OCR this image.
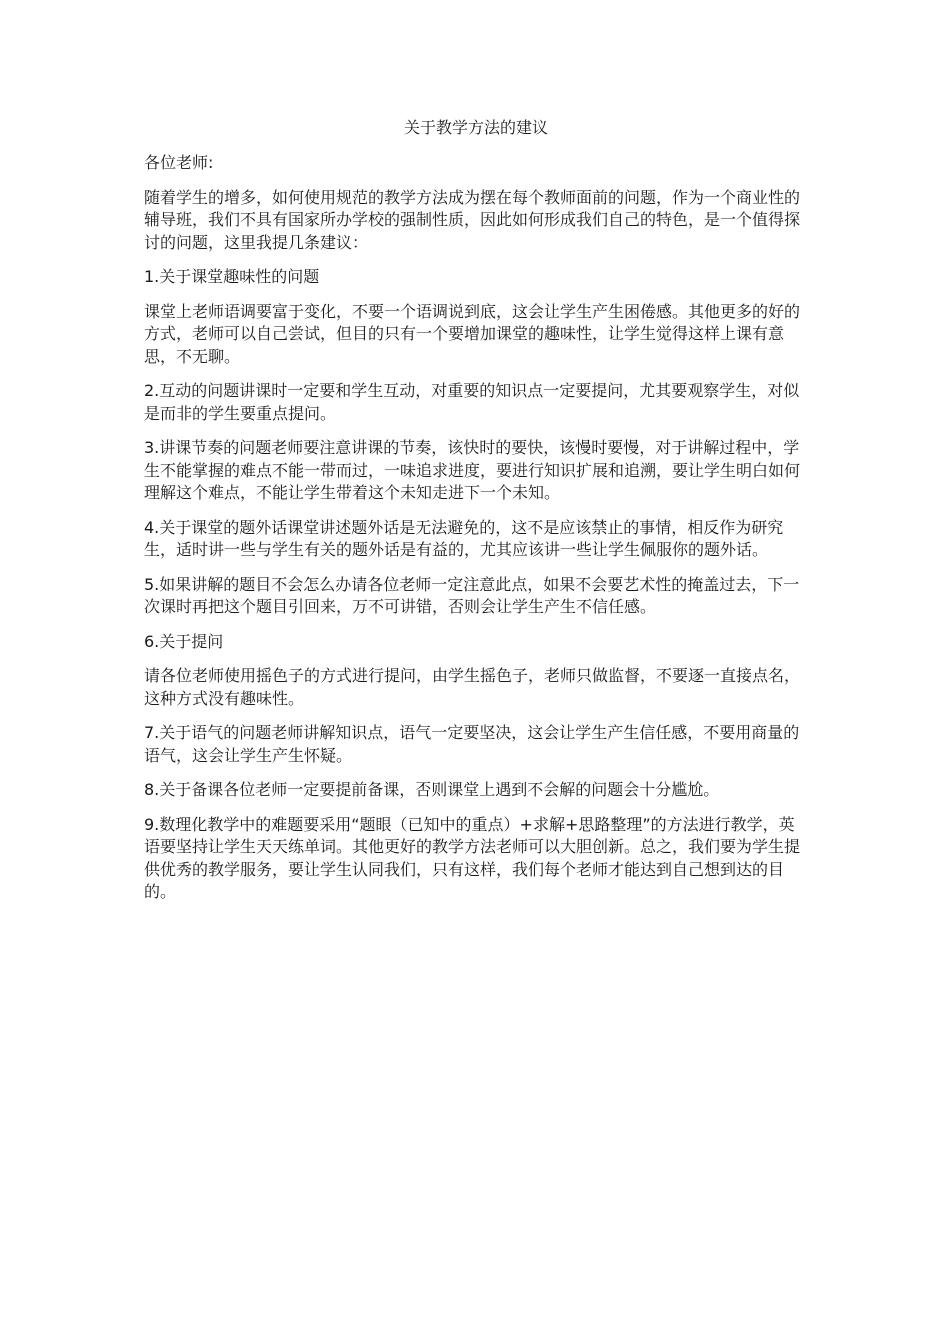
关于教学方法的建议

各位老师:

随着学生的增多，如何使用规范的教学方法成为摆在每个教师面前的问题，作为一个商业性的辅导班，我们不具有国家所办学校的强制性质，因此如何形成我们自己的特色，是一个值得探讨的问题，这里我提几条建议：

1.关于课堂趣味性的问题

课堂上老师语调要富于变化，不要一个语调说到底，这会让学生产生困倦感。其他更多的好的方式，老师可以自己尝试，但目的只有一个要增加课堂的趣味性，让学生觉得这样上课有意思，不无聊。

2.互动的问题讲课时一定要和学生互动，对重要的知识点一定要提问，尤其要观察学生，对似是而非的学生要重点提问。

3.讲课节奏的问题老师要注意讲课的节奏，该快时的要快，该慢时要慢，对于讲解过程中，学生不能掌握的难点不能一带而过，一味追求进度，要进行知识扩展和追溯，要让学生明白如何理解这个难点，不能让学生带着这个未知走进下一个未知。

4.关于课堂的题外话课堂讲述题外话是无法避免的，这不是应该禁止的事情，相反作为研究生，适时讲一些与学生有关的题外话是有益的，尤其应该讲一些让学生佩服你的题外话。

5.如果讲解的题目不会怎么办请各位老师一定注意此点，如果不会要艺术性的掩盖过去，下一次课时再把这个题目引回来，万不可讲错，否则会让学生产生不信任感。

6.关于提问

请各位老师使用摇色子的方式进行提问，由学生摇色子，老师只做监督，不要逐一直接点名，这种方式没有趣味性。

7.关于语气的问题老师讲解知识点，语气一定要坚决，这会让学生产生信任感，不要用商量的语气，这会让学生产生怀疑。

8.关于备课各位老师一定要提前备课，否则课堂上遇到不会解的问题会十分尴尬。

9.数理化教学中的难题要采用“题眼（已知中的重点）+求解+思路整理”的方法进行教学，英语要坚持让学生天天练单词。其他更好的教学方法老师可以大胆创新。总之，我们要为学生提供优秀的教学服务，要让学生认同我们，只有这样，我们每个老师才能达到自己想到达的目的。
